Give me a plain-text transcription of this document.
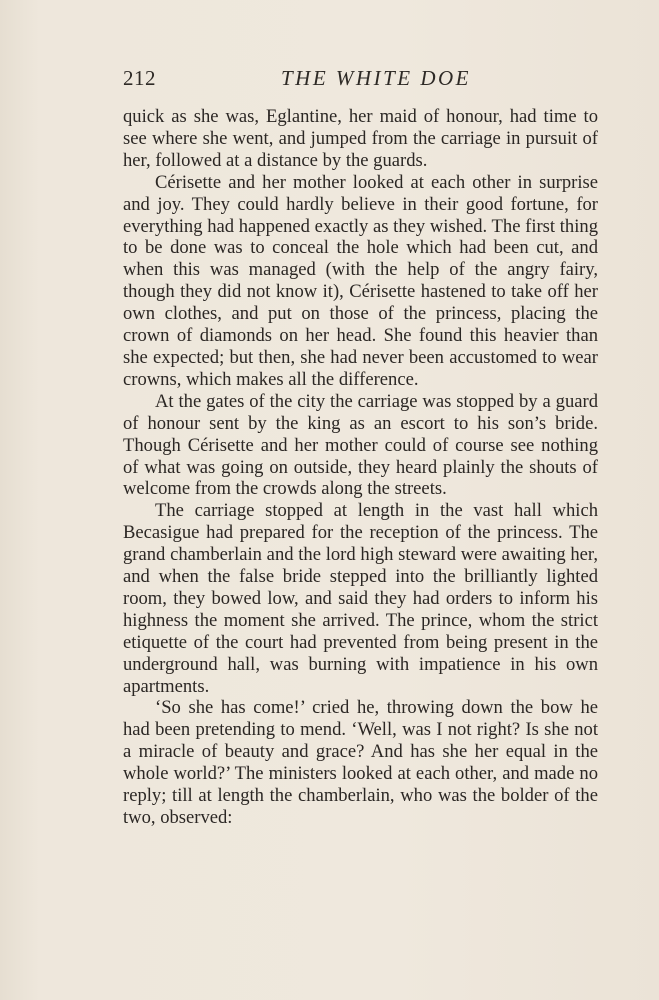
212	THE WHITE DOE

quick as she was, Eglantine, her maid of honour, had time to see where she went, and jumped from the carriage in pursuit of her, followed at a distance by the guards.

Cérisette and her mother looked at each other in surprise and joy. They could hardly believe in their good fortune, for everything had happened exactly as they wished. The first thing to be done was to conceal the hole which had been cut, and when this was managed (with the help of the angry fairy, though they did not know it), Cérisette hastened to take off her own clothes, and put on those of the princess, placing the crown of diamonds on her head. She found this heavier than she expected; but then, she had never been accustomed to wear crowns, which makes all the difference.

At the gates of the city the carriage was stopped by a guard of honour sent by the king as an escort to his son’s bride. Though Cérisette and her mother could of course see nothing of what was going on outside, they heard plainly the shouts of welcome from the crowds along the streets.

The carriage stopped at length in the vast hall which Becasigue had prepared for the reception of the princess. The grand chamberlain and the lord high steward were awaiting her, and when the false bride stepped into the brilliantly lighted room, they bowed low, and said they had orders to inform his highness the moment she arrived. The prince, whom the strict etiquette of the court had prevented from being present in the underground hall, was burning with impatience in his own apartments.

‘So she has come!’ cried he, throwing down the bow he had been pretending to mend. ‘Well, was I not right? Is she not a miracle of beauty and grace? And has she her equal in the whole world?’ The ministers looked at each other, and made no reply; till at length the chamberlain, who was the bolder of the two, observed:
